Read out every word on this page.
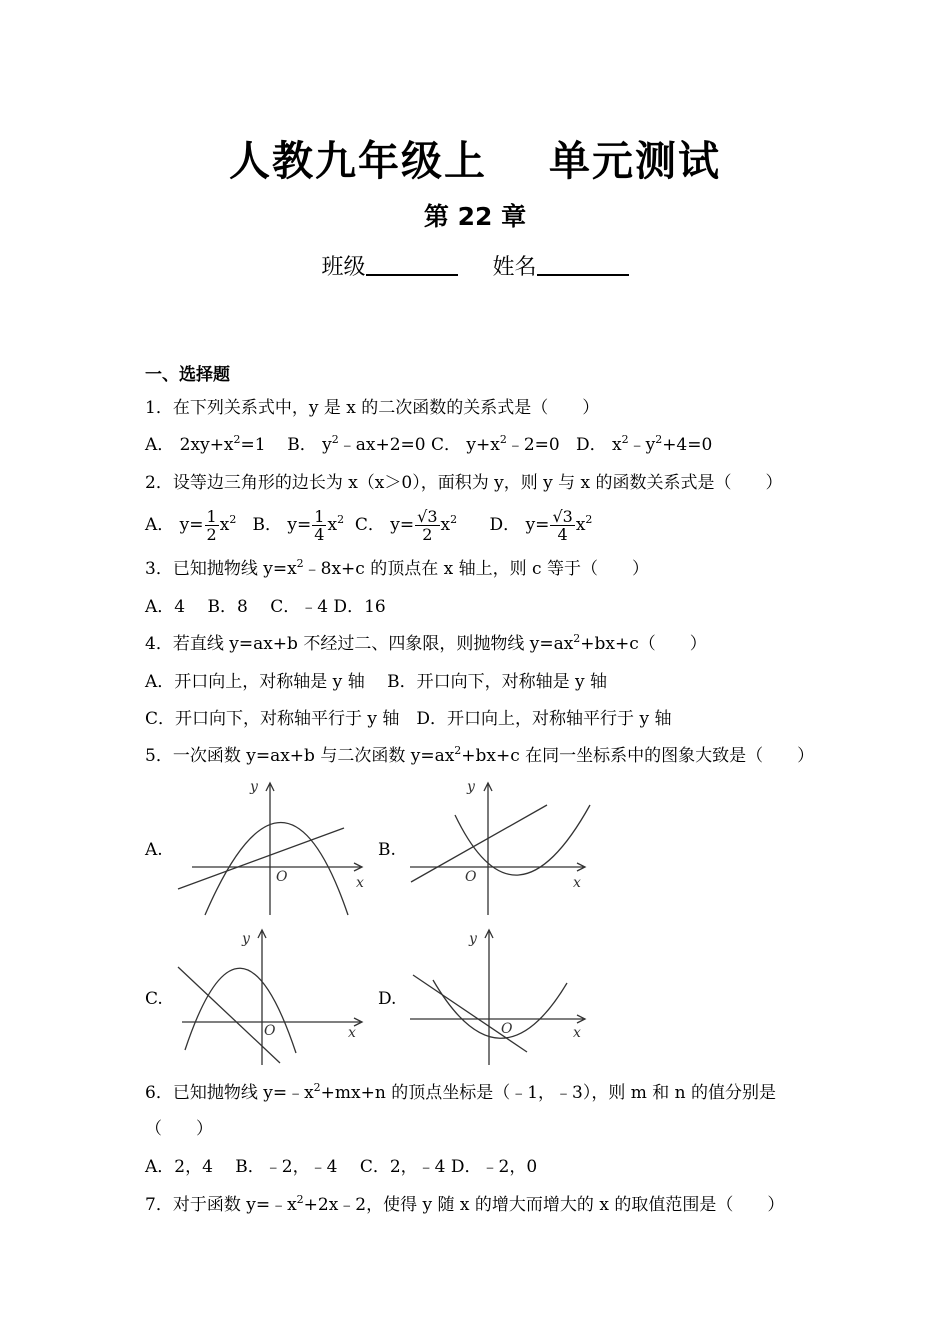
人教九年级上 单元测试
第 22 章
班级	姓名
一、选择题
1．在下列关系式中，y 是 x 的二次函数的关系式是（　　）
A． $2xy+x^2=1$ B． $y^2﹣ax+2=0$ C． $y+x^2﹣2=0$ D． $x^2﹣y^2+4=0$
2．设等边三角形的边长为 x（x＞0），面积为 y，则 y 与 x 的函数关系式是（　　）
A． $y= \frac{1}{2} x^2$ B． $y= \frac{1}{4} x^2$ C． $y= \frac{√3}{2} x^2$ D． $y= \frac{√3}{4} x^2$
3．已知抛物线 $y=x^2﹣8x+c$ 的顶点在 x 轴上，则 c 等于（　　）
A．4　 B．8　 C．﹣4 D．16
4．若直线 y=ax+b 不经过二、四象限，则抛物线 $y=ax^2+bx+c$（　　）
A．开口向上，对称轴是 y 轴　 B．开口向下，对称轴是 y 轴
C．开口向下，对称轴平行于 y 轴　D．开口向上，对称轴平行于 y 轴
5．一次函数 y=ax+b 与二次函数 $y=ax^2+bx+c$ 在同一坐标系中的图象大致是（　　）
A.	B.
C.	D.
y
x
O
y
x
O
y
x
O
y
x
O
6．已知抛物线 $y=﹣x^2+mx+n$ 的顶点坐标是（﹣1，﹣3），则 m 和 n 的值分别是
（　　）
A．2，4　 B．﹣2，﹣4　 C．2，﹣4 D．﹣2，0
7．对于函数 $y=﹣x^2+2x﹣2$，使得 y 随 x 的增大而增大的 x 的取值范围是（　　）
